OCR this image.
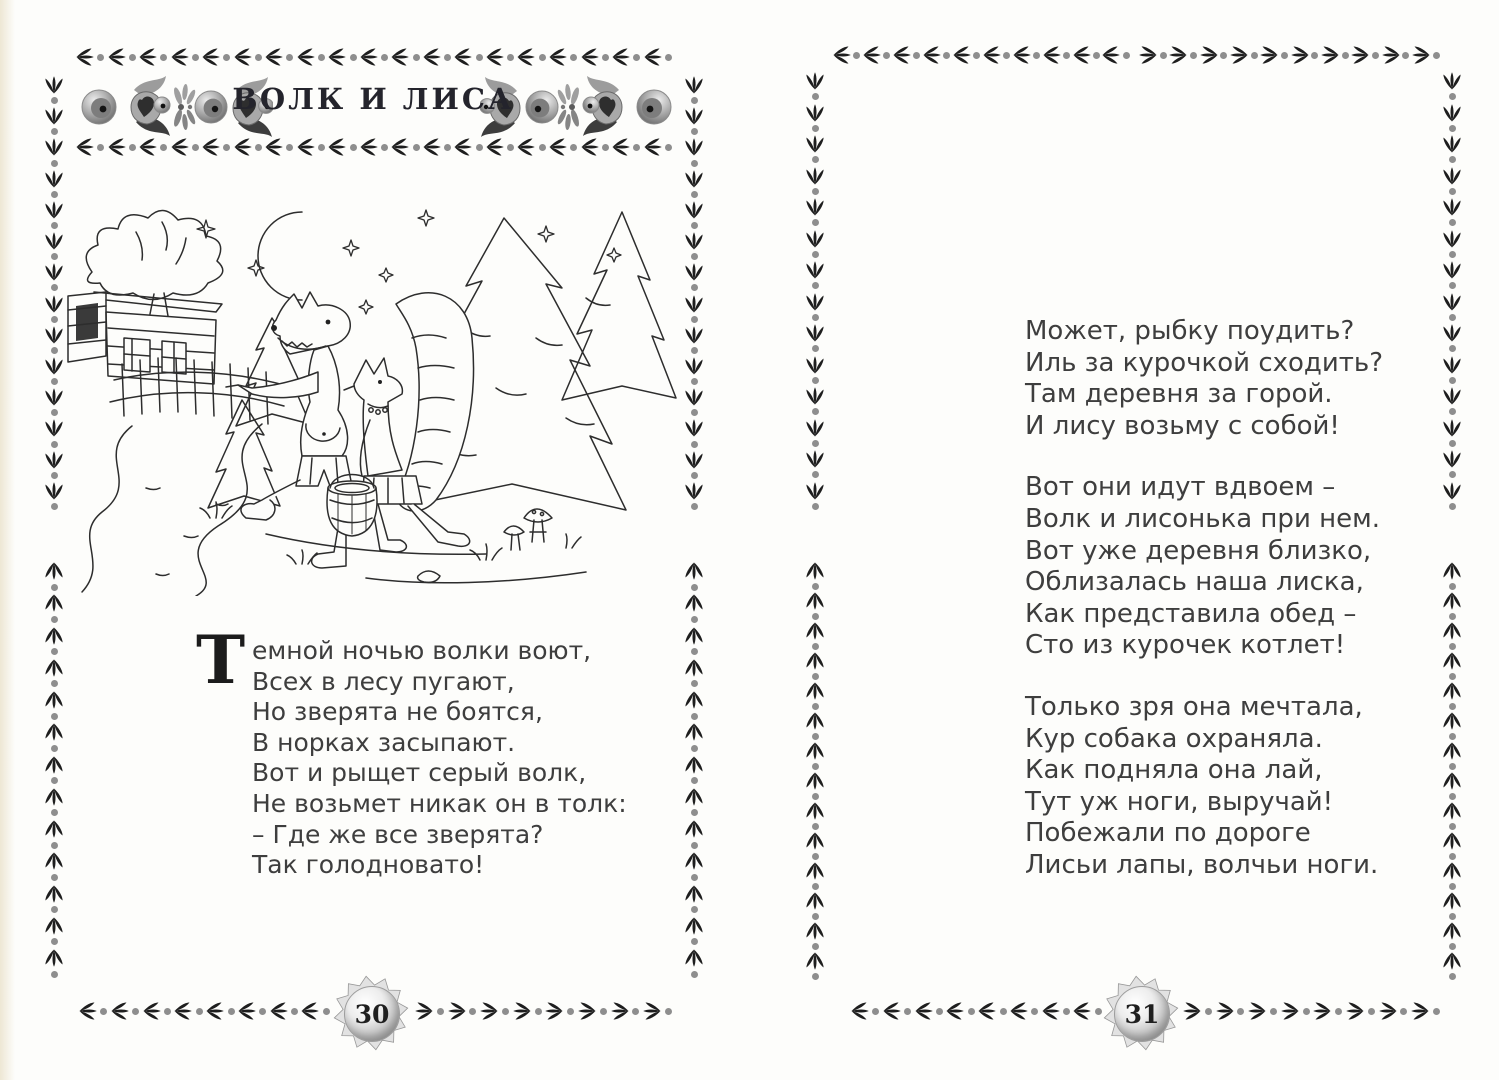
ВОЛК И ЛИСА
Т емной ночью волки воют,
Всех в лесу пугают,
Но зверята не боятся,
В норках засыпают.
Вот и рыщет серый волк,
Не возьмет никак он в толк:
– Где же все зверята?
Так голодновато!
30
Может, рыбку поудить?
Иль за курочкой сходить?
Там деревня за горой.
И лису возьму с собой!
Вот они идут вдвоем –
Волк и лисонька при нем.
Вот уже деревня близко,
Облизалась наша лиска,
Как представила обед –
Сто из курочек котлет!
Только зря она мечтала,
Кур собака охраняла.
Как подняла она лай,
Тут уж ноги, выручай!
Побежали по дороге
Лисьи лапы, волчьи ноги.
31
